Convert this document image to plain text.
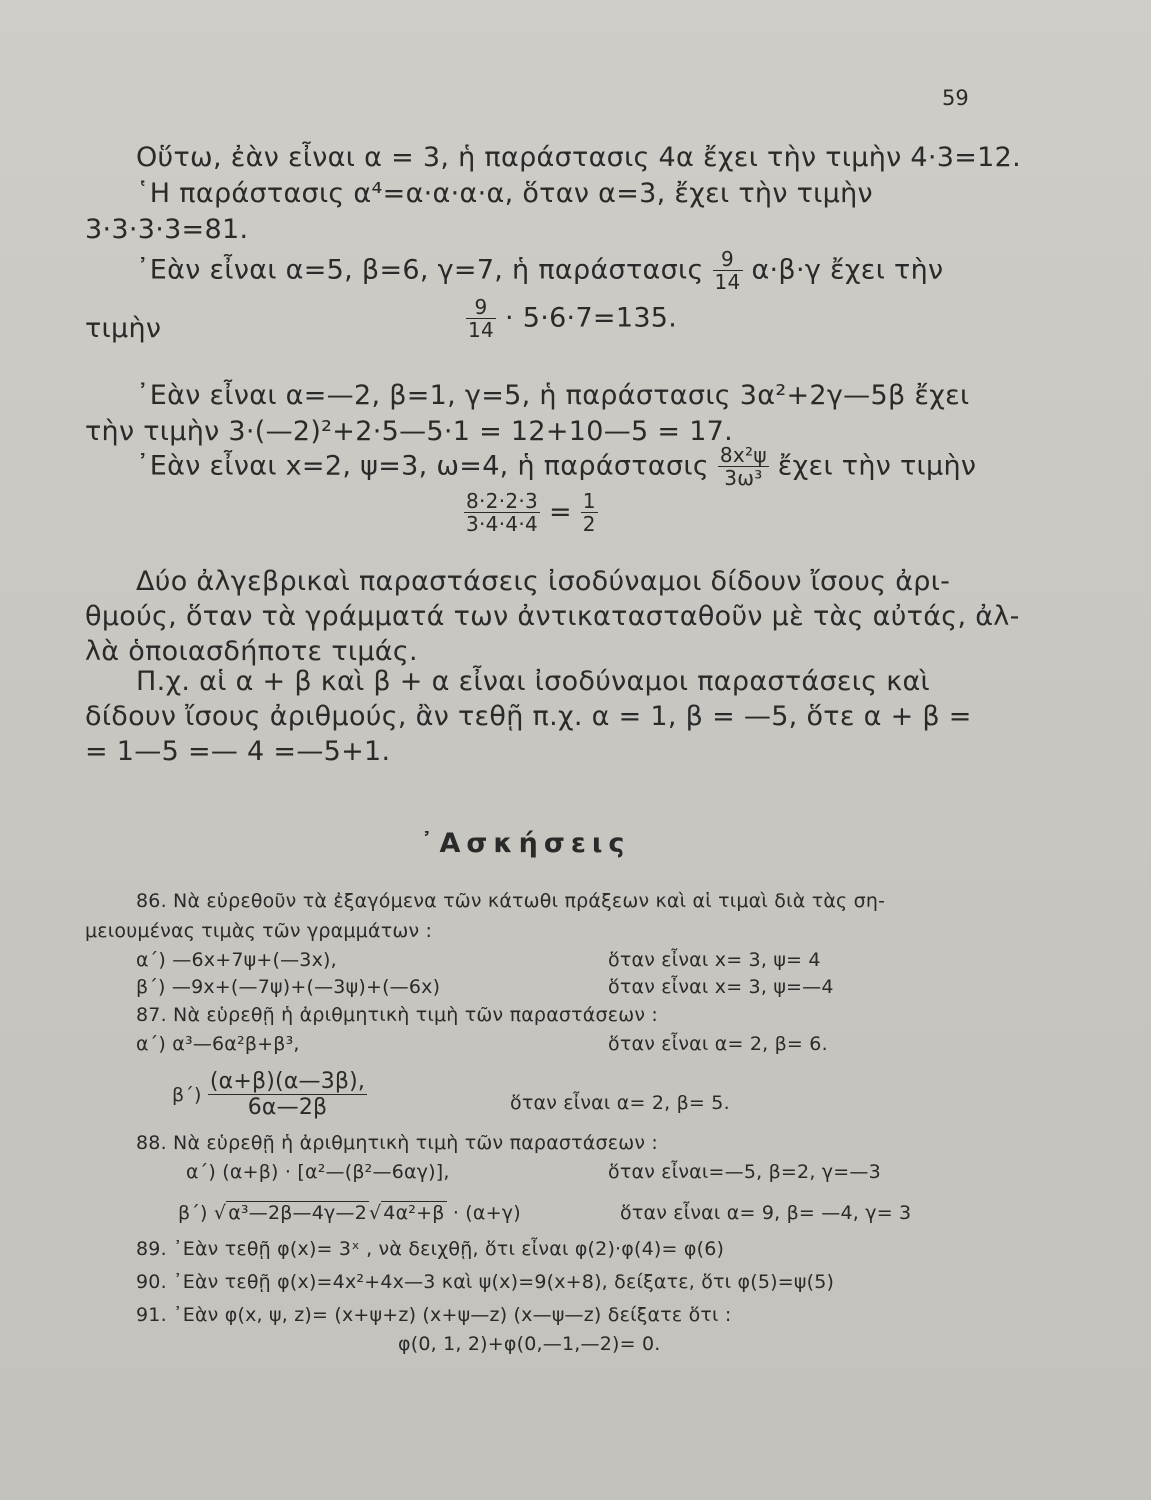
59
Οὕτω, ἐὰν εἶναι α = 3, ἡ παράστασις 4α ἔχει τὴν τιμὴν 4·3=12.
῾Η παράστασις α⁴=α·α·α·α, ὅταν α=3, ἔχει τὴν τιμὴν
3·3·3·3=81.
᾿Εὰν εἶναι α=5, β=6, γ=7, ἡ παράστασις $\frac{9}{14} \alpha\cdot\beta\cdot\gamma$ ἔχει τὴν
τιμὴν	$\frac{9}{14} \cdot 5\cdot 6\cdot 7=135$.
᾿Εὰν εἶναι α=—2, β=1, γ=5, ἡ παράστασις 3α²+2γ—5β ἔχει
τὴν τιμὴν 3·(—2)²+2·5—5·1 = 12+10—5 = 17.
᾿Εὰν εἶναι x=2, ψ=3, ω=4, ἡ παράστασις $\frac{\text{8x²ψ}}{\text{3ω³}}$ ἔχει τὴν τιμὴν
$\frac{8\cdot 2\cdot 2\cdot 3}{3\cdot 4\cdot 4\cdot 4} = \frac{1}{2}$
Δύο ἀλγεβρικαὶ παραστάσεις ἰσοδύναμοι δίδουν ἴσους ἀρι-
θμούς, ὅταν τὰ γράμματά των ἀντικατασταθοῦν μὲ τὰς αὐτάς, ἀλ-
λὰ ὁποιασδήποτε τιμάς.
Π.χ. αἱ α + β καὶ β + α εἶναι ἰσοδύναμοι παραστάσεις καὶ
δίδουν ἴσους ἀριθμούς, ἂν τεθῇ π.χ. α = 1, β = —5, ὅτε α + β =
= 1—5 =— 4 =—5+1.
᾿Ασκήσεις
86. Νὰ εὑρεθοῦν τὰ ἐξαγόμενα τῶν κάτωθι πράξεων καὶ αἱ τιμαὶ διὰ τὰς ση-
μειουμένας τιμὰς τῶν γραμμάτων :
α΄) —6x+7ψ+(—3x),	ὅταν εἶναι x= 3, ψ= 4
β΄) —9x+(—7ψ)+(—3ψ)+(—6x)	ὅταν εἶναι x= 3, ψ=—4
87. Νὰ εὑρεθῇ ἡ ἀριθμητικὴ τιμὴ τῶν παραστάσεων :
α΄) α³—6α²β+β³,	ὅταν εἶναι α= 2, β= 6.
$\beta΄) \frac{(\alpha+\beta)(\alpha—3\beta),}{6\alpha—2\beta}$	ὅταν εἶναι α= 2, β= 5.
88. Νὰ εὑρεθῇ ἡ ἀριθμητικὴ τιμὴ τῶν παραστάσεων :
α΄) (α+β) · [α²—(β²—6αγ)],	ὅταν εἶναι=—5, β=2, γ=—3
β΄) √ α³—2β—4γ—2 √ 4α²+β · (α+γ)	ὅταν εἶναι α= 9, β= —4, γ= 3
89. ᾿Εὰν τεθῇ φ(x)= 3ˣ , νὰ δειχθῇ, ὅτι εἶναι φ(2)·φ(4)= φ(6)
90. ᾿Εὰν τεθῇ φ(x)=4x²+4x—3 καὶ ψ(x)=9(x+8), δείξατε, ὅτι φ(5)=ψ(5)
91. ᾿Εὰν φ(x, ψ, z)= (x+ψ+z) (x+ψ—z) (x—ψ—z) δείξατε ὅτι :
φ(0, 1, 2)+φ(0,—1,—2)= 0.
